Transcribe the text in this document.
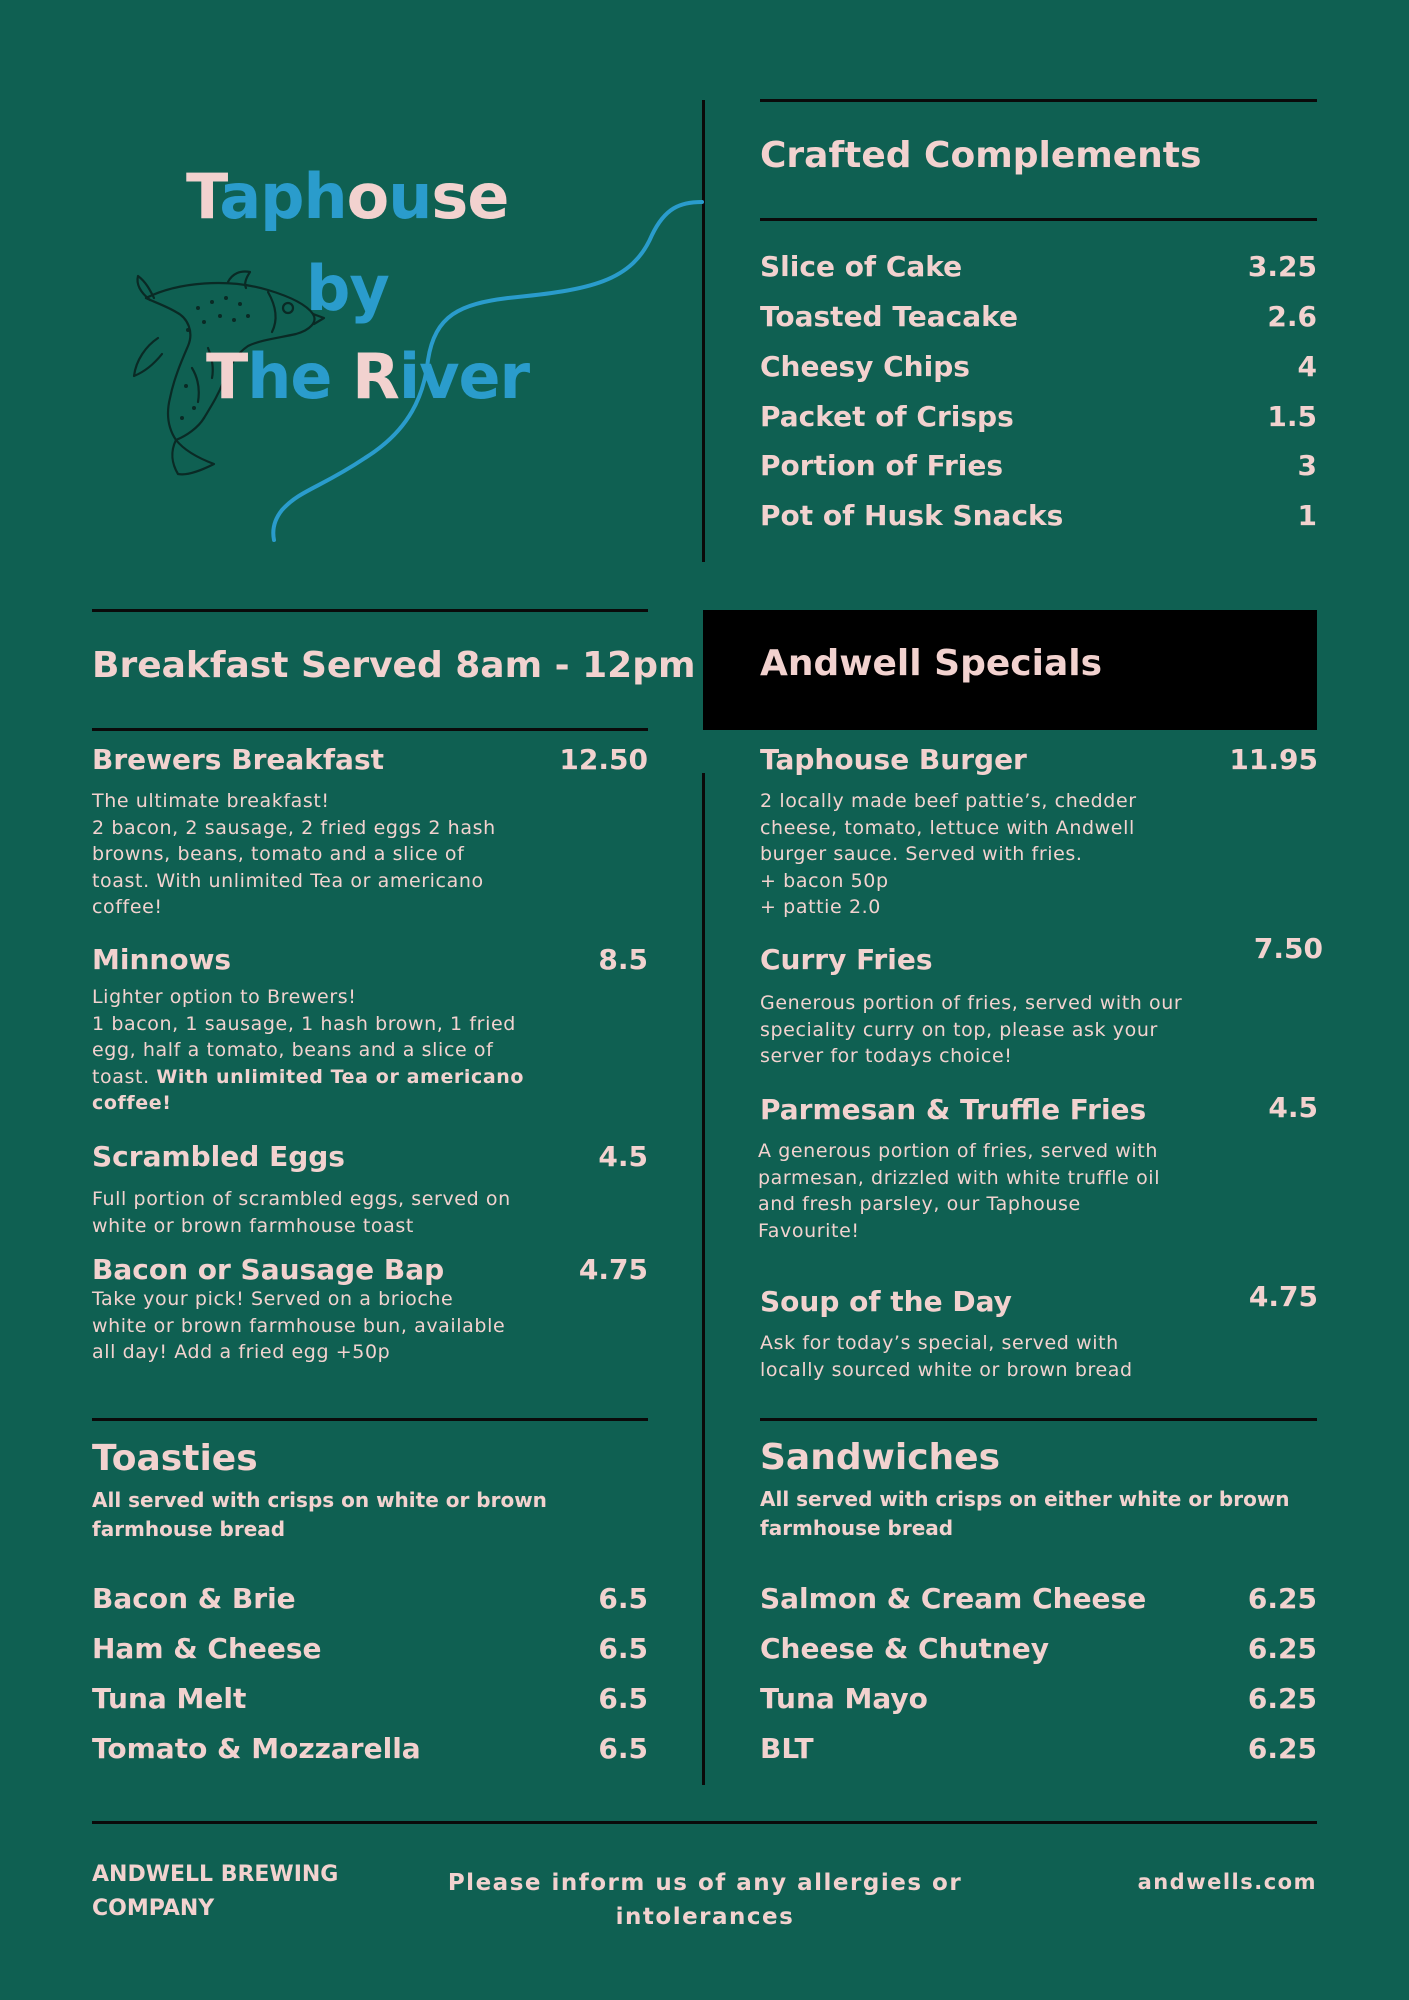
Taphouse
by
The River
Crafted Complements
Slice of Cake	3.25
Toasted Teacake	2.6
Cheesy Chips	4
Packet of Crisps	1.5
Portion of Fries	3
Pot of Husk Snacks	1
Breakfast Served 8am - 12pm
Brewers Breakfast	12.50
The ultimate breakfast!
2 bacon, 2 sausage, 2 fried eggs 2 hash
browns, beans, tomato and a slice of
toast. With unlimited Tea or americano
coffee!
Minnows	8.5
Lighter option to Brewers!
1 bacon, 1 sausage, 1 hash brown, 1 fried
egg, half a tomato, beans and a slice of
toast. With unlimited Tea or americano
coffee!
Scrambled Eggs	4.5
Full portion of scrambled eggs, served on
white or brown farmhouse toast
Bacon or Sausage Bap	4.75
Take your pick! Served on a brioche
white or brown farmhouse bun, available
all day! Add a fried egg +50p
Andwell Specials
Taphouse Burger	11.95
2 locally made beef pattie’s, chedder
cheese, tomato, lettuce with Andwell
burger sauce. Served with fries.
+ bacon 50p
+ pattie 2.0
Curry Fries	7.50
Generous portion of fries, served with our
speciality curry on top, please ask your
server for todays choice!
Parmesan & Truffle Fries	4.5
A generous portion of fries, served with
parmesan, drizzled with white truffle oil
and fresh parsley, our Taphouse
Favourite!
Soup of the Day	4.75
Ask for today’s special, served with
locally sourced white or brown bread
Toasties
All served with crisps on white or brown
farmhouse bread
Bacon & Brie	6.5
Ham & Cheese	6.5
Tuna Melt	6.5
Tomato & Mozzarella	6.5
Sandwiches
All served with crisps on either white or brown
farmhouse bread
Salmon & Cream Cheese	6.25
Cheese & Chutney	6.25
Tuna Mayo	6.25
BLT	6.25
ANDWELL BREWING
COMPANY
Please inform us of any allergies or
intolerances
andwells.com
